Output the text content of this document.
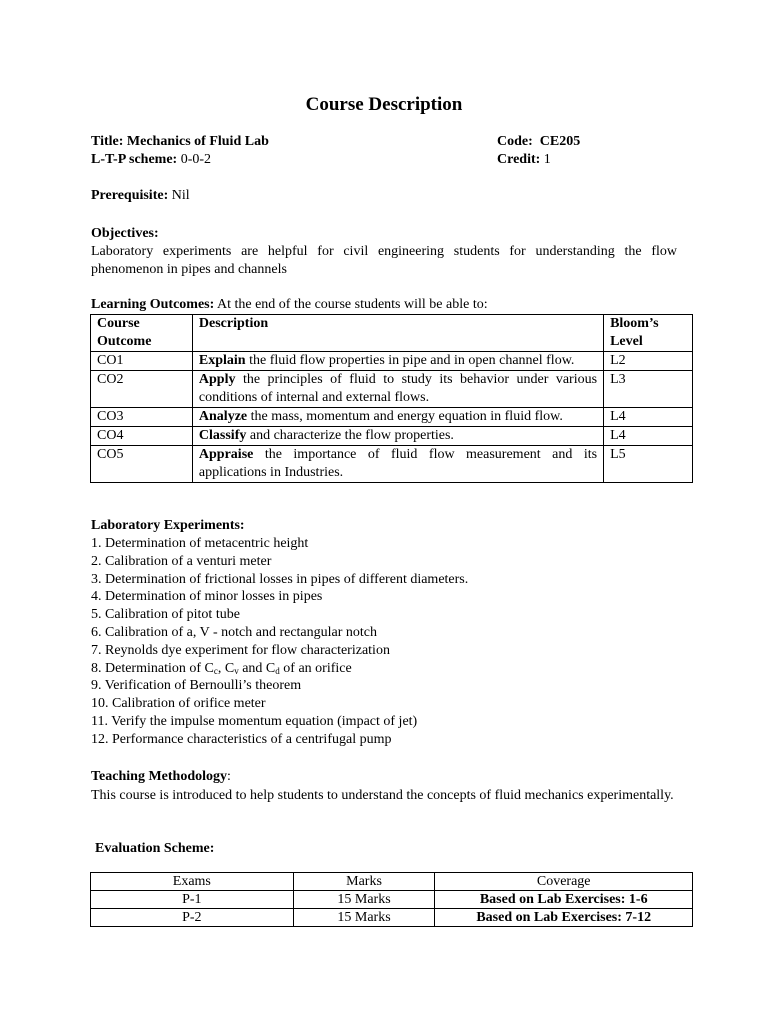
Course Description
Title: Mechanics of Fluid Lab	Code: CE205
L-T-P scheme: 0-0-2	Credit: 1
Prerequisite: Nil
Objectives:
Laboratory experiments are helpful for civil engineering students for understanding the flow phenomenon in pipes and channels
Learning Outcomes: At the end of the course students will be able to:
Course Outcome	Description	Bloom’s Level
CO1	Explain the fluid flow properties in pipe and in open channel flow.	L2
CO2	Apply the principles of fluid to study its behavior under various conditions of internal and external flows.	L3
CO3	Analyze the mass, momentum and energy equation in fluid flow.	L4
CO4	Classify and characterize the flow properties.	L4
CO5	Appraise the importance of fluid flow measurement and its applications in Industries.	L5
Laboratory Experiments:
1. Determination of metacentric height
2. Calibration of a venturi meter
3. Determination of frictional losses in pipes of different diameters.
4. Determination of minor losses in pipes
5. Calibration of pitot tube
6. Calibration of a, V - notch and rectangular notch
7. Reynolds dye experiment for flow characterization
8. Determination of $C_c$, $C_v$ and $C_d$ of an orifice
9. Verification of Bernoulli’s theorem
10. Calibration of orifice meter
11. Verify the impulse momentum equation (impact of jet)
12. Performance characteristics of a centrifugal pump
Teaching Methodology:
This course is introduced to help students to understand the concepts of fluid mechanics experimentally.
Evaluation Scheme:
Exams	Marks	Coverage
P-1	15 Marks	Based on Lab Exercises: 1-6
P-2	15 Marks	Based on Lab Exercises: 7-12
